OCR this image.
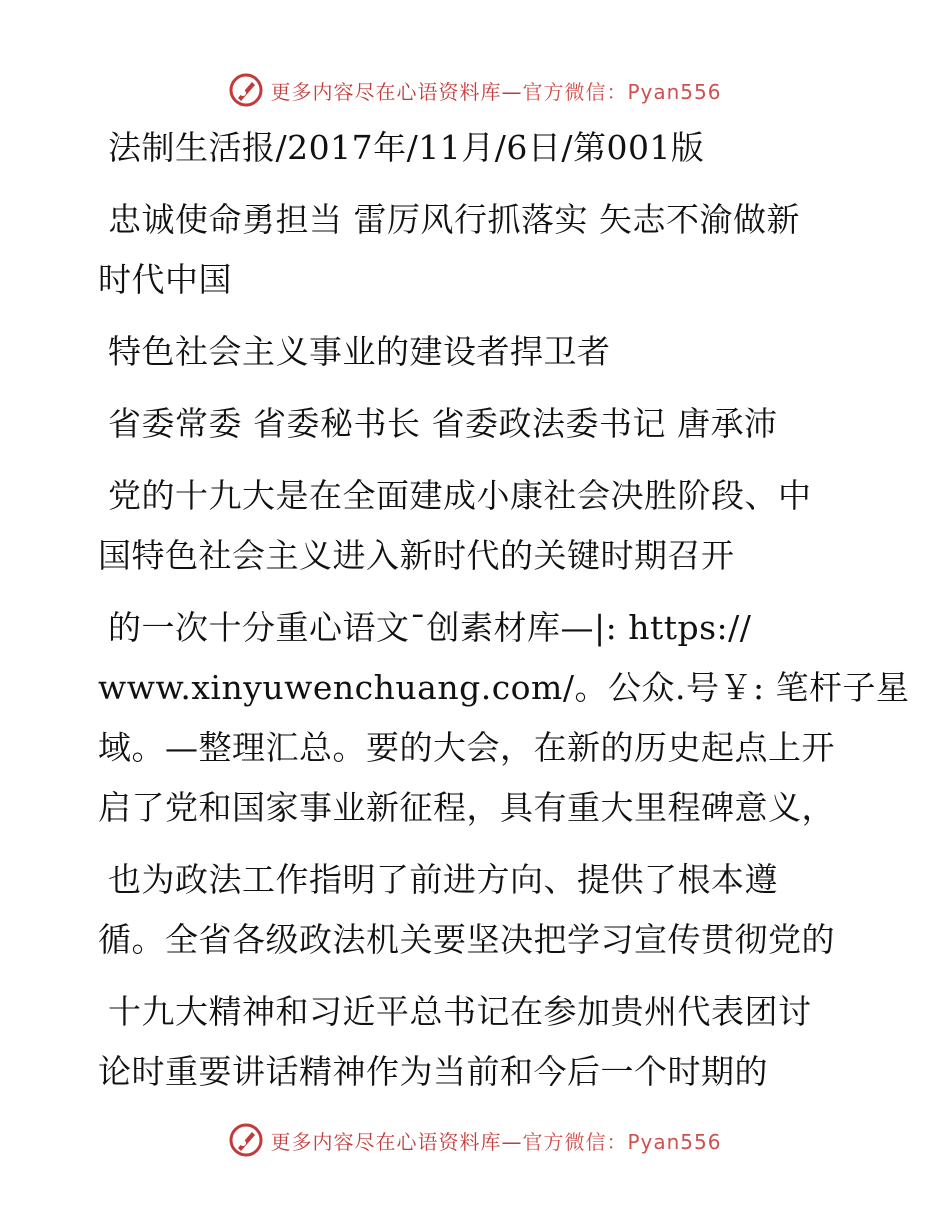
更多内容尽在心语资料库—官方微信：Pyan556
法制生活报/2017年/11月/6日/第001版
忠诚使命勇担当 雷厉风行抓落实 矢志不渝做新
时代中国
特色社会主义事业的建设者捍卫者
省委常委 省委秘书长 省委政法委书记 唐承沛
党的十九大是在全面建成小康社会决胜阶段、中
国特色社会主义进入新时代的关键时期召开
的一次十分重心语文¯创素材库—|: https://
www.xinyuwenchuang.com/。公众.号￥: 笔杆子星
域。—整理汇总。要的大会，在新的历史起点上开
启了党和国家事业新征程，具有重大里程碑意义，
也为政法工作指明了前进方向、提供了根本遵
循。全省各级政法机关要坚决把学习宣传贯彻党的
十九大精神和习近平总书记在参加贵州代表团讨
论时重要讲话精神作为当前和今后一个时期的
更多内容尽在心语资料库—官方微信：Pyan556
